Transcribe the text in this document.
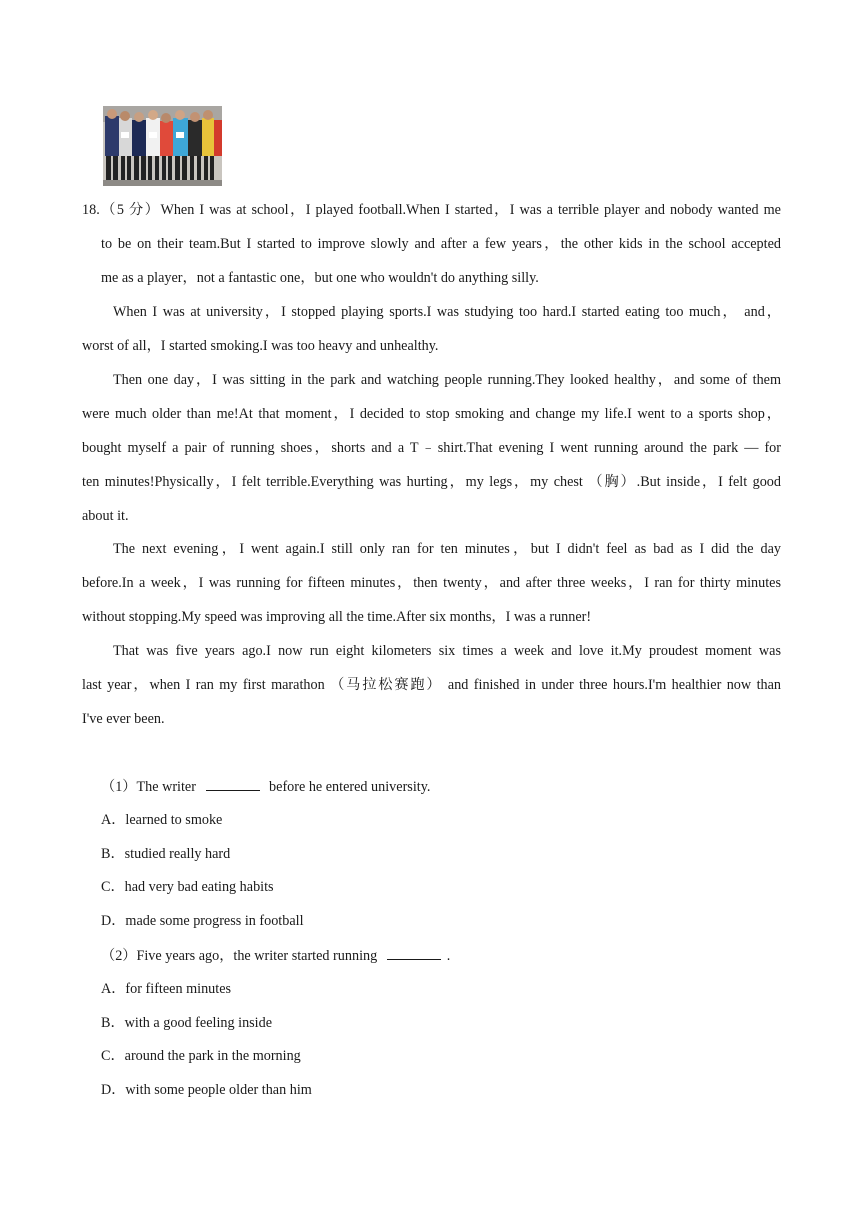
18.（5 分）When I was at school，I played football.When I started，I was a terrible player and nobody wanted me
to be on their team.But I started to improve slowly and after a few years，the other kids in the school accepted
me as a player，not a fantastic one，but one who wouldn't do anything silly.
When I was at university，I stopped playing sports.I was studying too hard.I started eating too much， and，
worst of all，I started smoking.I was too heavy and unhealthy.
Then one day，I was sitting in the park and watching people running.They looked healthy，and some of them
were much older than me!At that moment，I decided to stop smoking and change my life.I went to a sports shop，
bought myself a pair of running shoes，shorts and a T﹣shirt.That evening I went running around the park — for
ten minutes!Physically，I felt terrible.Everything was hurting，my legs，my chest （胸）.But inside，I felt good
about it.
The next evening，I went again.I still only ran for ten minutes，but I didn't feel as bad as I did the day
before.In a week，I was running for fifteen minutes，then twenty，and after three weeks，I ran for thirty minutes
without stopping.My speed was improving all the time.After six months，I was a runner!
That was five years ago.I now run eight kilometers six times a week and love it.My proudest moment was
last year，when I ran my first marathon （马拉松赛跑） and finished in under three hours.I'm healthier now than
I've ever been.
（1）The writer	before he entered university.
A．learned to smoke
B．studied really hard
C．had very bad eating habits
D．made some progress in football
（2）Five years ago，the writer started running	.
A．for fifteen minutes
B．with a good feeling inside
C．around the park in the morning
D．with some people older than him
